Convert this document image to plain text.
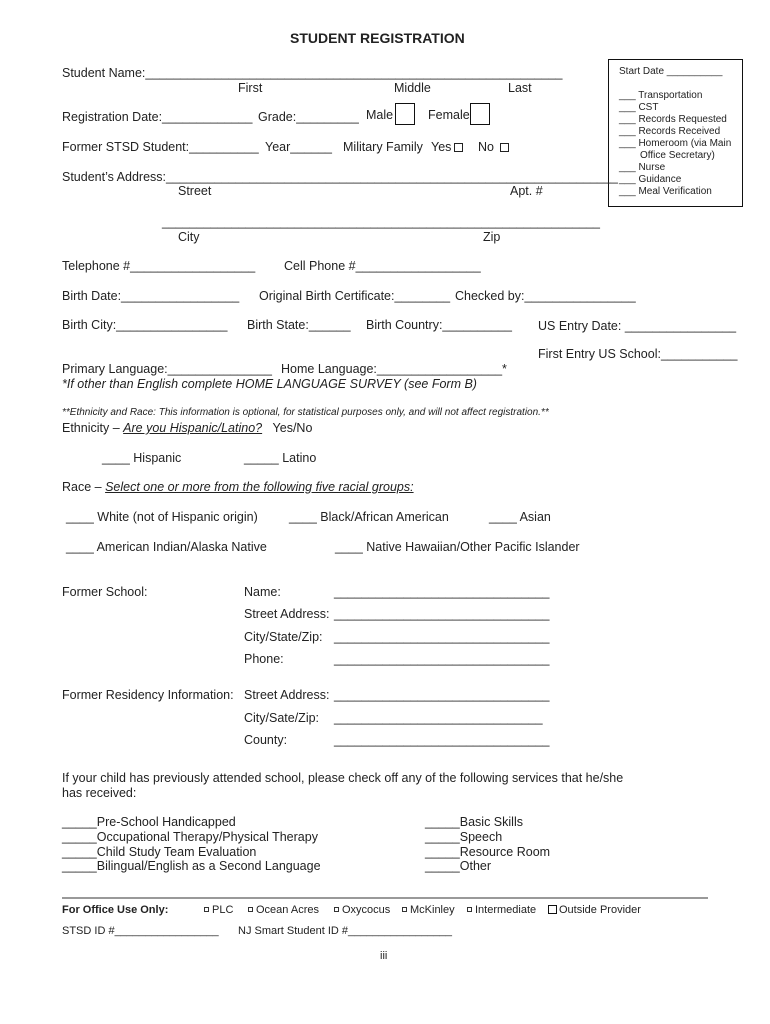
STUDENT REGISTRATION
Start Date __________
___ Transportation
___ CST
___ Records Requested
___ Records Received
___ Homeroom (via Main
Office Secretary)
___ Nurse
___ Guidance
___ Meal Verification
Student Name:____________________________________________________________
First	Middle	Last
Registration Date:_____________ Grade:_________ Male	Female
Former STSD Student:__________ Year______ Military Family Yes	No
Student’s Address:_________________________________________________________________
Street	Apt. #
_______________________________________________________________
City	Zip
Telephone #__________________ Cell Phone #__________________
Birth Date:_________________ Original Birth Certificate:________ Checked by:________________
Birth City:________________ Birth State:______ Birth Country:__________ US Entry Date: ________________
First Entry US School:___________
Primary Language:_______________ Home Language:__________________*
*If other than English complete HOME LANGUAGE SURVEY (see Form B)
**Ethnicity and Race: This information is optional, for statistical purposes only, and will not affect registration.**
Ethnicity – Are you Hispanic/Latino? Yes/No
____ Hispanic	_____ Latino
Race – Select one or more from the following five racial groups:
____ White (not of Hispanic origin) ____ Black/African American	____ Asian
____ American Indian/Alaska Native	____ Native Hawaiian/Other Pacific Islander
Former School:	Name:	_______________________________
Street Address: _______________________________
City/State/Zip: _______________________________
Phone:	_______________________________
Former Residency Information: Street Address: _______________________________
City/Sate/Zip: ______________________________
County:	_______________________________
If your child has previously attended school, please check off any of the following services that he/she
has received:
_____Pre-School Handicapped
_____Occupational Therapy/Physical Therapy
_____Child Study Team Evaluation
_____Bilingual/English as a Second Language
_____Basic Skills
_____Speech
_____Resource Room
_____Other
For Office Use Only:	PLC	Ocean Acres	Oxycocus	McKinley	Intermediate	Outside Provider
STSD ID #_________________ NJ Smart Student ID #_________________
iii
